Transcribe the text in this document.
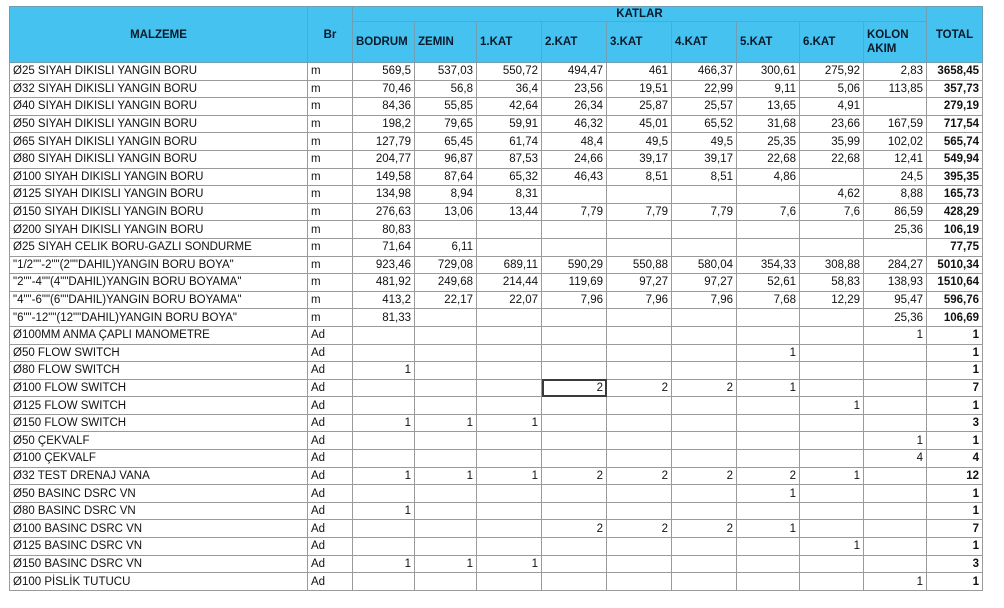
MALZEME	Br	KATLAR									TOTAL
		BODRUM	ZEMIN	1.KAT	2.KAT	3.KAT	4.KAT	5.KAT	6.KAT	KOLON AKIM	
Ø25 SIYAH DIKISLI YANGIN BORU	m	569,5	537,03	550,72	494,47	461	466,37	300,61	275,92	2,83	3658,45
Ø32 SIYAH DIKISLI YANGIN BORU	m	70,46	56,8	36,4	23,56	19,51	22,99	9,11	5,06	113,85	357,73
Ø40 SIYAH DIKISLI YANGIN BORU	m	84,36	55,85	42,64	26,34	25,87	25,57	13,65	4,91		279,19
Ø50 SIYAH DIKISLI YANGIN BORU	m	198,2	79,65	59,91	46,32	45,01	65,52	31,68	23,66	167,59	717,54
Ø65 SIYAH DIKISLI YANGIN BORU	m	127,79	65,45	61,74	48,4	49,5	49,5	25,35	35,99	102,02	565,74
Ø80 SIYAH DIKISLI YANGIN BORU	m	204,77	96,87	87,53	24,66	39,17	39,17	22,68	22,68	12,41	549,94
Ø100 SIYAH DIKISLI YANGIN BORU	m	149,58	87,64	65,32	46,43	8,51	8,51	4,86		24,5	395,35
Ø125 SIYAH DIKISLI YANGIN BORU	m	134,98	8,94	8,31					4,62	8,88	165,73
Ø150 SIYAH DIKISLI YANGIN BORU	m	276,63	13,06	13,44	7,79	7,79	7,79	7,6	7,6	86,59	428,29
Ø200 SIYAH DIKISLI YANGIN BORU	m	80,83								25,36	106,19
Ø25 SIYAH CELIK BORU-GAZLI SONDURME	m	71,64	6,11								77,75
"1/2""-2""(2""DAHIL)YANGIN BORU BOYA"	m	923,46	729,08	689,11	590,29	550,88	580,04	354,33	308,88	284,27	5010,34
"2""-4""(4""DAHIL)YANGIN BORU BOYAMA"	m	481,92	249,68	214,44	119,69	97,27	97,27	52,61	58,83	138,93	1510,64
"4""-6""(6""DAHIL)YANGIN BORU BOYAMA"	m	413,2	22,17	22,07	7,96	7,96	7,96	7,68	12,29	95,47	596,76
"6""-12""(12""DAHIL)YANGIN BORU BOYA"	m	81,33								25,36	106,69
Ø100MM ANMA ÇAPLI MANOMETRE	Ad									1	1
Ø50 FLOW SWITCH	Ad							1			1
Ø80 FLOW SWITCH	Ad	1									1
Ø100 FLOW SWITCH	Ad				2	2	2	1			7
Ø125 FLOW SWITCH	Ad								1		1
Ø150 FLOW SWITCH	Ad	1	1	1							3
Ø50 ÇEKVALF	Ad									1	1
Ø100 ÇEKVALF	Ad									4	4
Ø32 TEST DRENAJ VANA	Ad	1	1	1	2	2	2	2	1		12
Ø50 BASINC DSRC VN	Ad							1			1
Ø80 BASINC DSRC VN	Ad	1									1
Ø100 BASINC DSRC VN	Ad				2	2	2	1			7
Ø125 BASINC DSRC VN	Ad								1		1
Ø150 BASINC DSRC VN	Ad	1	1	1							3
Ø100 PİSLİK TUTUCU	Ad									1	1
